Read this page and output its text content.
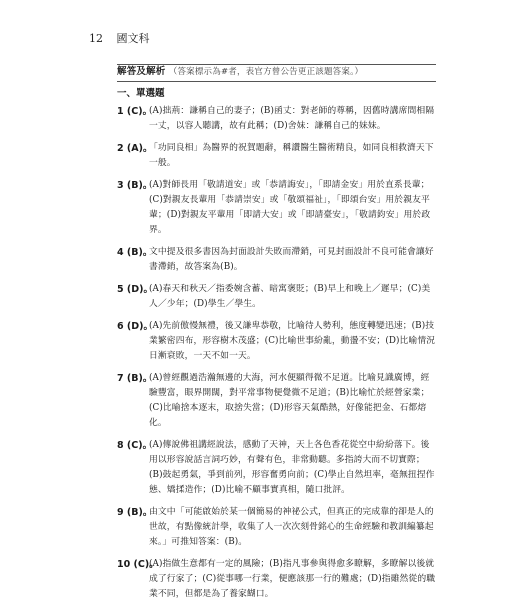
12 國文科
解答及解析 （答案標示為#者，表官方曾公告更正該題答案。）
一、單選題
1 (C)。
(A)拙荊：謙稱自己的妻子；(B)函丈：對老師的尊稱，因舊時講席間相隔一丈，以容人聽講，故有此稱；(D)舍妹：謙稱自己的妹妹。
2 (A)。
「功同良相」為醫界的祝賀題辭，稱讚醫生醫術精良，如同良相救濟天下一般。
3 (B)。
(A)對師長用「敬請道安」或「恭請誨安」，「即請金安」用於直系長輩；(C)對親友長輩用「恭請崇安」或「敬頌福祉」，「即頌台安」用於親友平輩；(D)對親友平輩用「即請大安」或「即請臺安」，「敬請鈞安」用於政界。
4 (B)。
文中提及很多書因為封面設計失敗而滯銷，可見封面設計不良可能會讓好書滯銷，故答案為(B)。
5 (D)。
(A)春天和秋天／指委婉含蓄、暗寓褒貶；(B)早上和晚上／遲早；(C)美人／少年；(D)學生／學生。
6 (D)。
(A)先前傲慢無禮，後又謙卑恭敬，比喻待人勢利，態度轉變迅速；(B)技業繁密四布，形容樹木茂盛；(C)比喻世事紛亂，動盪不安；(D)比喻情況日漸衰敗，一天不如一天。
7 (B)。
(A)曾經觀過浩瀚無邊的大海，河水便顯得微不足道。比喻見識廣博，經驗豐富，眼界開闊，對平常事物便覺微不足道；(B)比喻忙於經營家業；(C)比喻捨本逐末，取捨失當；(D)形容天氣酷熱，好像能把金、石都熔化。
8 (C)。
(A)傳說佛祖講經說法，感動了天神，天上各色香花從空中紛紛落下。後用以形容說話言詞巧妙，有聲有色，非常動聽。多指誇大而不切實際；(B)鼓起勇氣，爭到前列，形容奮勇向前；(C)學止自然坦率，毫無扭捏作態、矯揉造作；(D)比喻不顧事實真相，隨口批評。
9 (B)。
由文中「可能啟始於某一個簡易的神祕公式，但真正的完成靠的卻是人的世故，有點像統計學，收集了人一次次刻骨銘心的生命經驗和教訓編纂起來。」可推知答案：(B)。
10 (C)。
(A)指做生意都有一定的風險；(B)指凡事參與得愈多瞭解，多瞭解以後就成了行家了；(C)從事哪一行業，便應該那一行的難處；(D)指雖然從的職業不同，但都是為了養家餬口。
